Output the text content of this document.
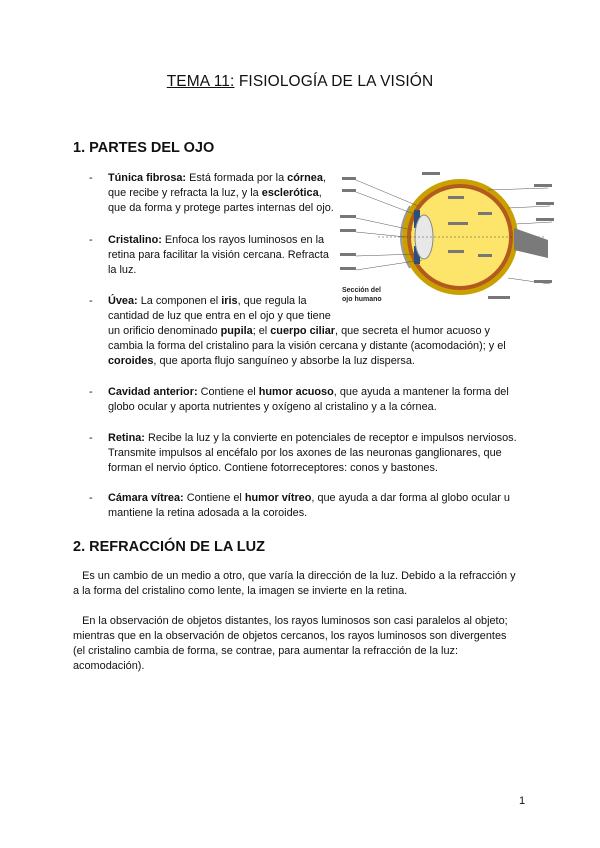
TEMA 11: FISIOLOGÍA DE LA VISIÓN
1. PARTES DEL OJO
- Túnica fibrosa: Está formada por la córnea,
que recibe y refracta la luz, y la esclerótica,
que da forma y protege partes internas del ojo.
- Cristalino: Enfoca los rayos luminosos en la
retina para facilitar la visión cercana. Refracta
la luz.
- Úvea: La componen el iris, que regula la
cantidad de luz que entra en el ojo y que tiene
un orificio denominado pupila; el cuerpo ciliar, que secreta el humor acuoso y
cambia la forma del cristalino para la visión cercana y distante (acomodación); y el
coroides, que aporta flujo sanguíneo y absorbe la luz dispersa.
- Cavidad anterior: Contiene el humor acuoso, que ayuda a mantener la forma del
globo ocular y aporta nutrientes y oxígeno al cristalino y a la córnea.
- Retina: Recibe la luz y la convierte en potenciales de receptor e impulsos nerviosos.
Transmite impulsos al encéfalo por los axones de las neuronas ganglionares, que
forman el nervio óptico. Contiene fotorreceptores: conos y bastones.
- Cámara vítrea: Contiene el humor vítreo, que ayuda a dar forma al globo ocular u
mantiene la retina adosada a la coroides.
2. REFRACCIÓN DE LA LUZ
Es un cambio de un medio a otro, que varía la dirección de la luz. Debido a la refracción y
a la forma del cristalino como lente, la imagen se invierte en la retina.
En la observación de objetos distantes, los rayos luminosos son casi paralelos al objeto;
mientras que en la observación de objetos cercanos, los rayos luminosos son divergentes
(el cristalino cambia de forma, se contrae, para aumentar la refracción de la luz:
acomodación).
Sección del
ojo humano
1
